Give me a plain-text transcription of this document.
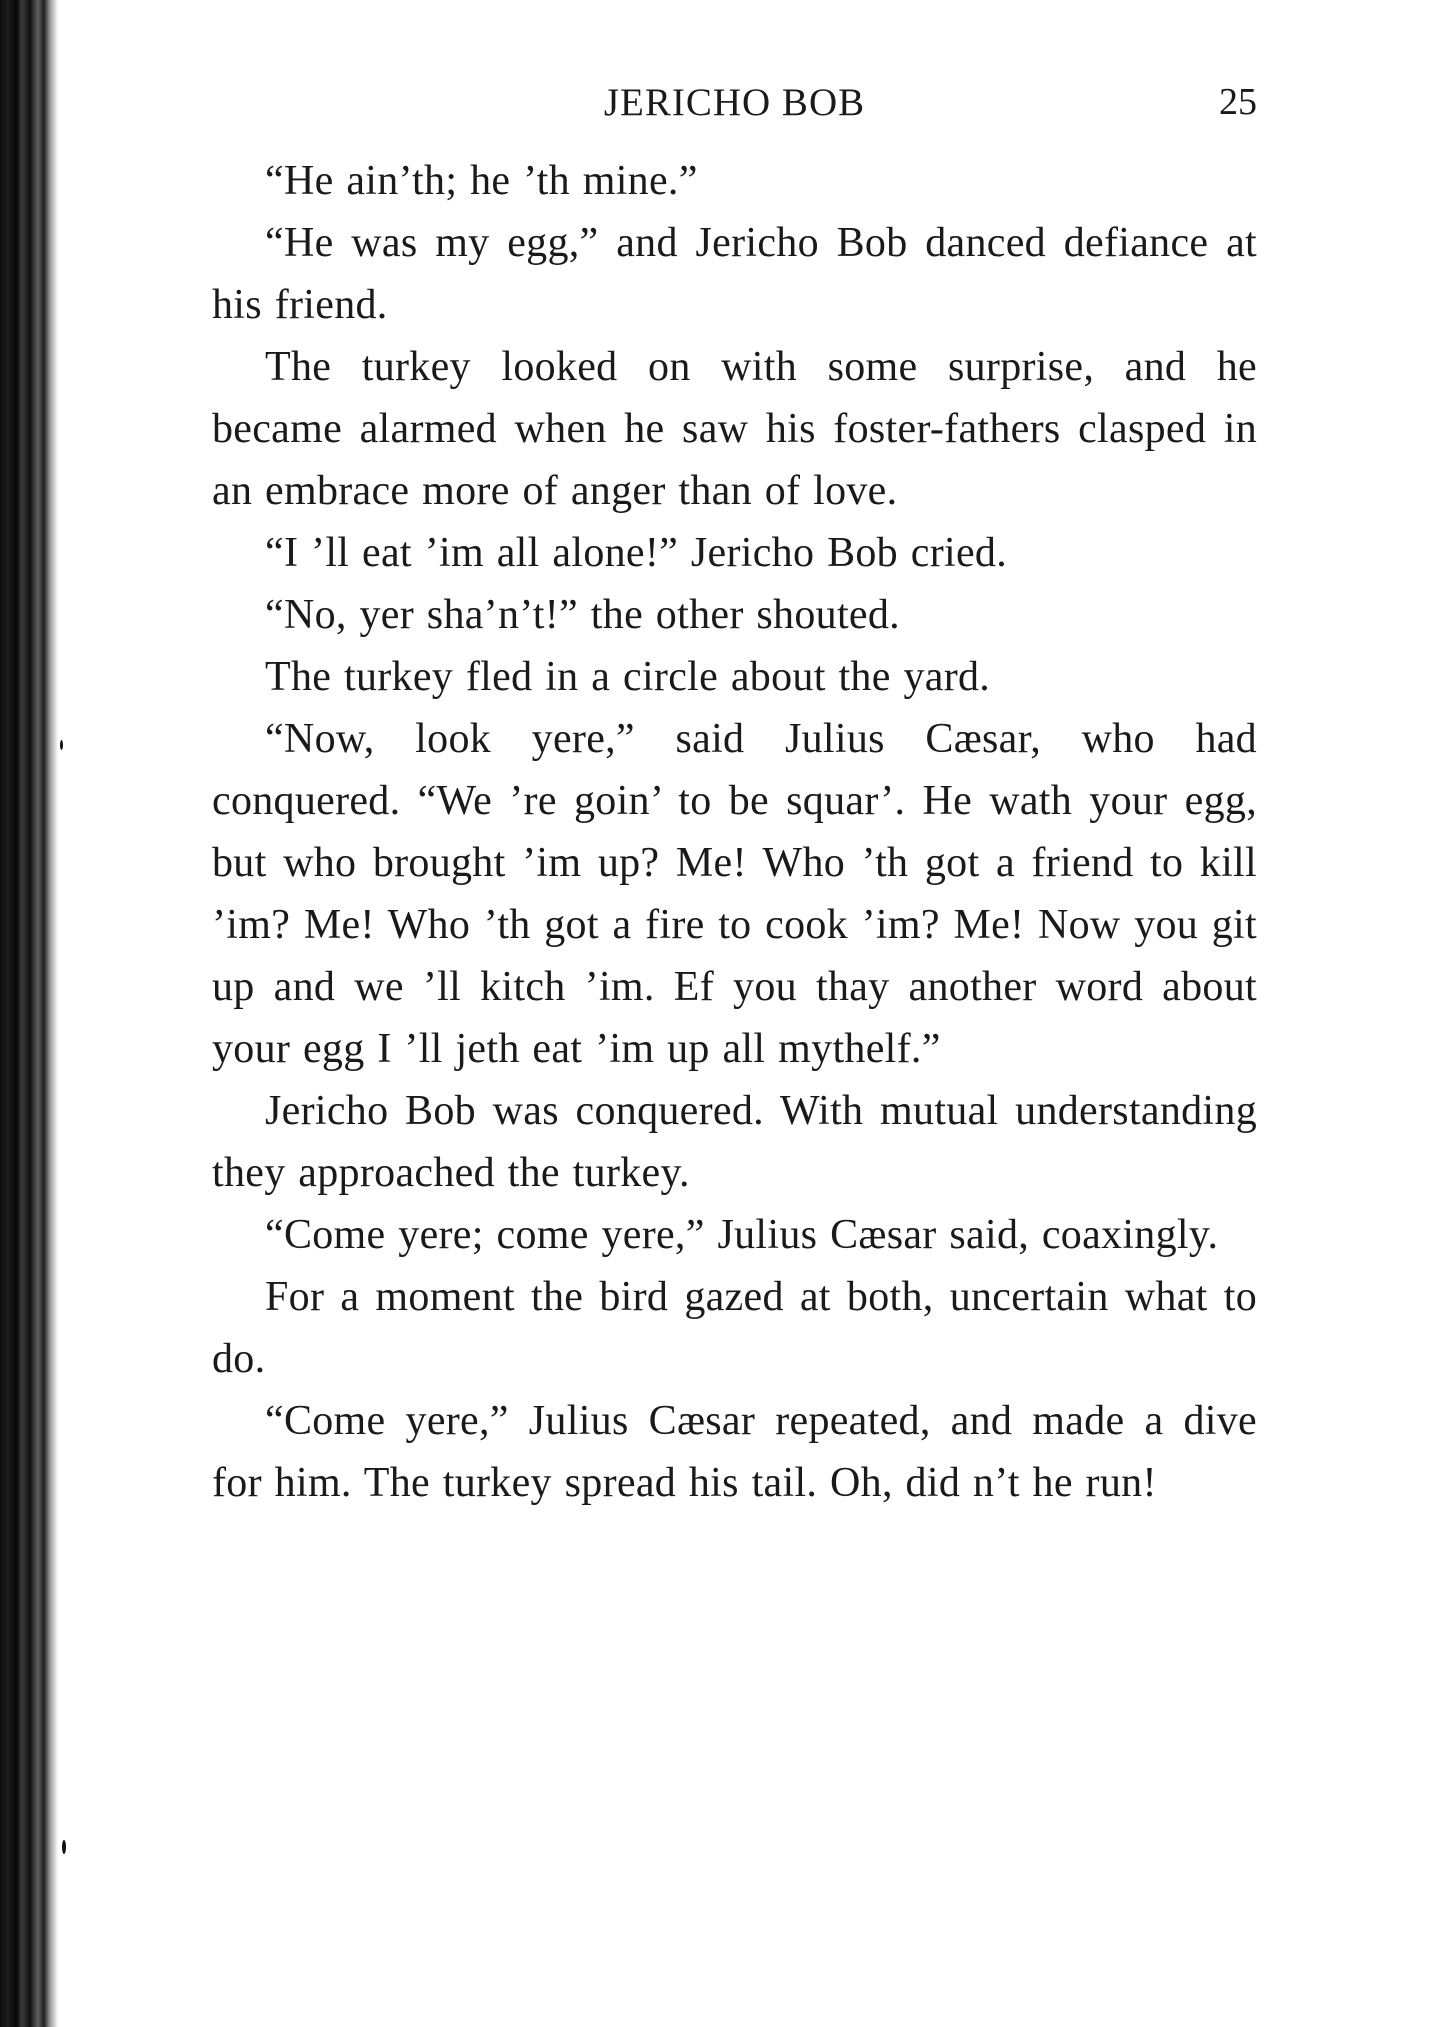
JERICHO BOB	25

“He ain’th; he ’th mine.”

“He was my egg,” and Jericho Bob danced defiance at his friend.

The turkey looked on with some surprise, and he became alarmed when he saw his foster-fathers clasped in an embrace more of anger than of love.

“I ’ll eat ’im all alone!” Jericho Bob cried.

“No, yer sha’n’t!” the other shouted.

The turkey fled in a circle about the yard.

“Now, look yere,” said Julius Cæsar, who had conquered. “We ’re goin’ to be squar’. He wath your egg, but who brought ’im up? Me! Who ’th got a friend to kill ’im? Me! Who ’th got a fire to cook ’im? Me! Now you git up and we ’ll kitch ’im. Ef you thay another word about your egg I ’ll jeth eat ’im up all mythelf.”

Jericho Bob was conquered. With mutual understanding they approached the turkey.

“Come yere; come yere,” Julius Cæsar said, coaxingly.

For a moment the bird gazed at both, uncertain what to do.

“Come yere,” Julius Cæsar repeated, and made a dive for him. The turkey spread his tail. Oh, did n’t he run!
